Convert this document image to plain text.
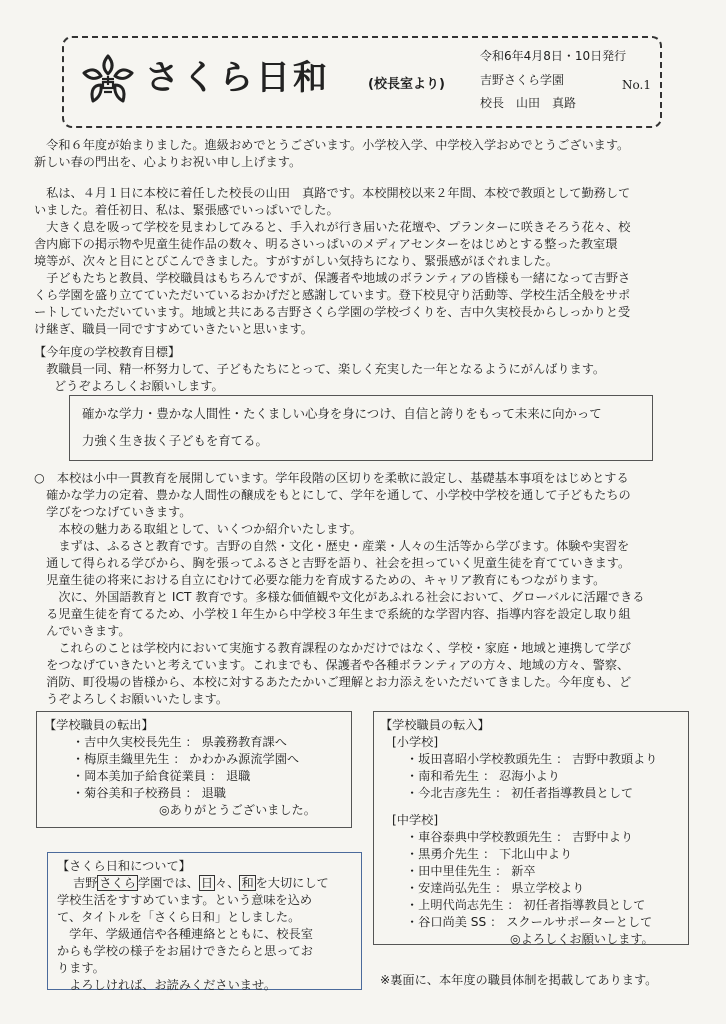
さくら日和	(校長室より)
令和6年4月8日・10日発行
吉野さくら学園	No.1
校長　山田　真路
　令和６年度が始まりました。進級おめでとうございます。小学校入学、中学校入学おめでとうございます。
新しい春の門出を、心よりお祝い申し上げます。
　私は、４月１日に本校に着任した校長の山田　真路です。本校開校以来２年間、本校で教頭として勤務して
いました。着任初日、私は、緊張感でいっぱいでした。
　大きく息を吸って学校を見まわしてみると、手入れが行き届いた花壇や、プランターに咲きそろう花々、校
舎内廊下の掲示物や児童生徒作品の数々、明るさいっぱいのメディアセンターをはじめとする整った教室環
境等が、次々と目にとびこんできました。すがすがしい気持ちになり、緊張感がほぐれました。
　子どもたちと教員、学校職員はもちろんですが、保護者や地域のボランティアの皆様も一緒になって吉野さ
くら学園を盛り立てていただいているおかげだと感謝しています。登下校見守り活動等、学校生活全般をサポ
ートしていただいています。地域と共にある吉野さくら学園の学校づくりを、吉中久実校長からしっかりと受
け継ぎ、職員一同ですすめていきたいと思います。
【今年度の学校教育目標】
　教職員一同、精一杯努力して、子どもたちにとって、楽しく充実した一年となるようにがんばります。
どうぞよろしくお願いします。
確かな学力・豊かな人間性・たくましい心身を身につけ、自信と誇りをもって未来に向かって
力強く生き抜く子どもを育てる。
○　本校は小中一貫教育を展開しています。学年段階の区切りを柔軟に設定し、基礎基本事項をはじめとする
　確かな学力の定着、豊かな人間性の醸成をもとにして、学年を通して、小学校中学校を通して子どもたちの
　学びをつなげていきます。
　　本校の魅力ある取組として、いくつか紹介いたします。
　　まずは、ふるさと教育です。吉野の自然・文化・歴史・産業・人々の生活等から学びます。体験や実習を
　通して得られる学びから、胸を張ってふるさと吉野を語り、社会を担っていく児童生徒を育てていきます。
　児童生徒の将来における自立にむけて必要な能力を育成するための、キャリア教育にもつながります。
　　次に、外国語教育と ICT 教育です。多様な価値観や文化があふれる社会において、グローバルに活躍できる
　る児童生徒を育てるため、小学校１年生から中学校３年生まで系統的な学習内容、指導内容を設定し取り組
　んでいきます。
　　これらのことは学校内において実施する教育課程のなかだけではなく、学校・家庭・地域と連携して学び
　をつなげていきたいと考えています。これまでも、保護者や各種ボランティアの方々、地域の方々、警察、
　消防、町役場の皆様から、本校に対するあたたかいご理解とお力添えをいただいてきました。今年度も、ど
　うぞよろしくお願いいたします。
【学校職員の転出】
・吉中久実校長先生 ： 県義務教育課へ
・梅原圭織里先生 ： かわかみ源流学園へ
・岡本美加子給食従業員 ： 退職
・菊谷美和子校務員 ： 退職
◎ありがとうございました。
【学校職員の転入】
[小学校]
・坂田喜昭小学校教頭先生 ： 吉野中教頭より
・南和希先生 ： 忍海小より
・今北吉彦先生 ： 初任者指導教員として
[中学校]
・車谷泰典中学校教頭先生 ： 吉野中より
・黒勇介先生 ： 下北山中より
・田中里佳先生 ： 新卒
・安達尚弘先生 ： 県立学校より
・上明代尚志先生 ： 初任者指導教員として
・谷口尚美 SS ： スクールサポーターとして
◎よろしくお願いします。
【さくら日和について】
吉野 さくら 学園では、 日 々、 和 を大切にして
学校生活をすすめています。という意味を込め
て、タイトルを「さくら日和」としました。
　学年、学級通信や各種連絡とともに、校長室
からも学校の様子をお届けできたらと思ってお
ります。
　よろしければ、お読みくださいませ。	※裏面に、本年度の職員体制を掲載してあります。
